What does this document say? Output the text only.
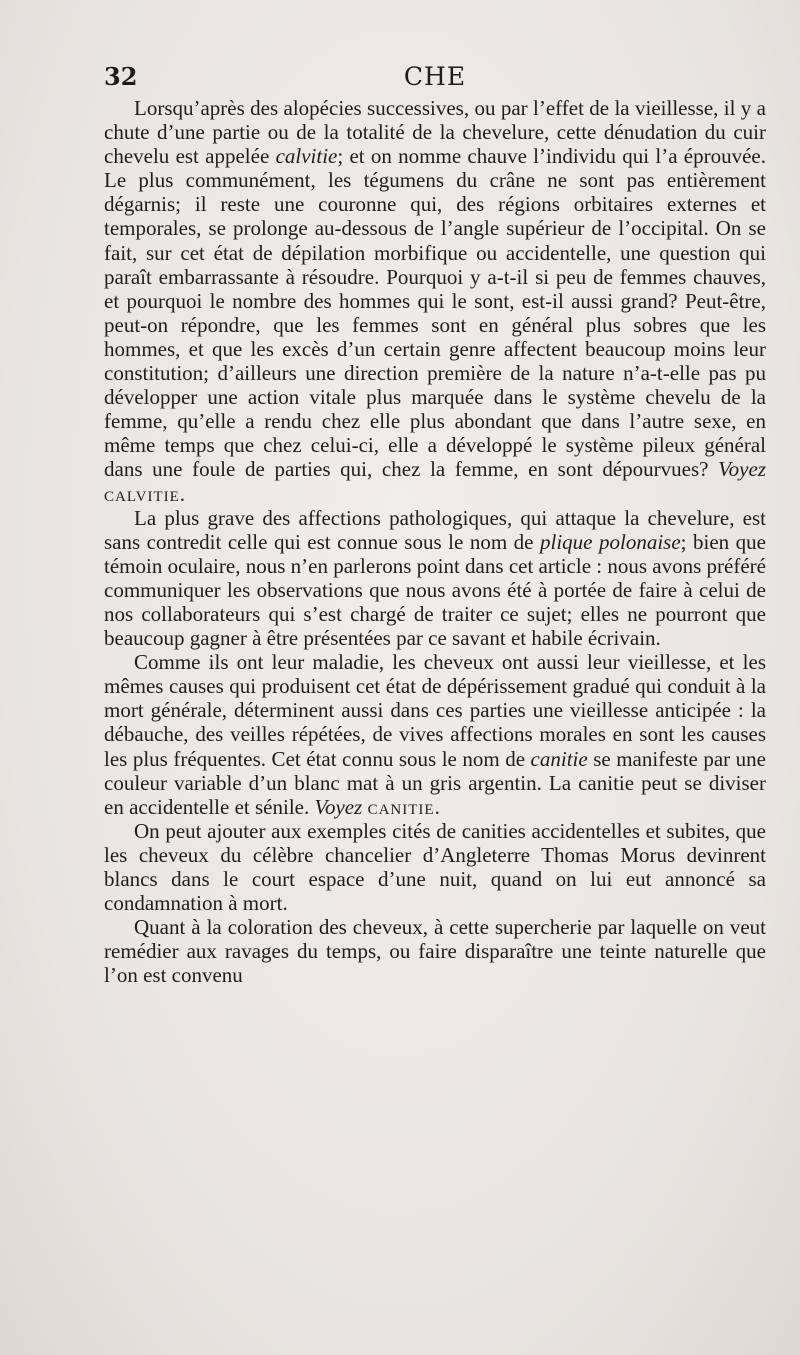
32	CHE

Lorsqu’après des alopécies successives, ou par l’effet de la vieillesse, il y a chute d’une partie ou de la totalité de la chevelure, cette dénudation du cuir chevelu est appelée calvitie; et on nomme chauve l’individu qui l’a éprouvée. Le plus communément, les tégumens du crâne ne sont pas entièrement dégarnis; il reste une couronne qui, des régions orbitaires externes et temporales, se prolonge au-dessous de l’angle supérieur de l’occipital. On se fait, sur cet état de dépilation morbifique ou accidentelle, une question qui paraît embarrassante à résoudre. Pourquoi y a-t-il si peu de femmes chauves, et pourquoi le nombre des hommes qui le sont, est-il aussi grand? Peut-être, peut-on répondre, que les femmes sont en général plus sobres que les hommes, et que les excès d’un certain genre affectent beaucoup moins leur constitution; d’ailleurs une direction première de la nature n’a-t-elle pas pu développer une action vitale plus marquée dans le système chevelu de la femme, qu’elle a rendu chez elle plus abondant que dans l’autre sexe, en même temps que chez celui-ci, elle a développé le système pileux général dans une foule de parties qui, chez la femme, en sont dépourvues? Voyez calvitie.

La plus grave des affections pathologiques, qui attaque la chevelure, est sans contredit celle qui est connue sous le nom de plique polonaise; bien que témoin oculaire, nous n’en parlerons point dans cet article : nous avons préféré communiquer les observations que nous avons été à portée de faire à celui de nos collaborateurs qui s’est chargé de traiter ce sujet; elles ne pourront que beaucoup gagner à être présentées par ce savant et habile écrivain.

Comme ils ont leur maladie, les cheveux ont aussi leur vieillesse, et les mêmes causes qui produisent cet état de dépérissement gradué qui conduit à la mort générale, déterminent aussi dans ces parties une vieillesse anticipée : la débauche, des veilles répétées, de vives affections morales en sont les causes les plus fréquentes. Cet état connu sous le nom de canitie se manifeste par une couleur variable d’un blanc mat à un gris argentin. La canitie peut se diviser en accidentelle et sénile. Voyez canitie.

On peut ajouter aux exemples cités de canities accidentelles et subites, que les cheveux du célèbre chancelier d’Angleterre Thomas Morus devinrent blancs dans le court espace d’une nuit, quand on lui eut annoncé sa condamnation à mort.

Quant à la coloration des cheveux, à cette supercherie par laquelle on veut remédier aux ravages du temps, ou faire disparaître une teinte naturelle que l’on est convenu
